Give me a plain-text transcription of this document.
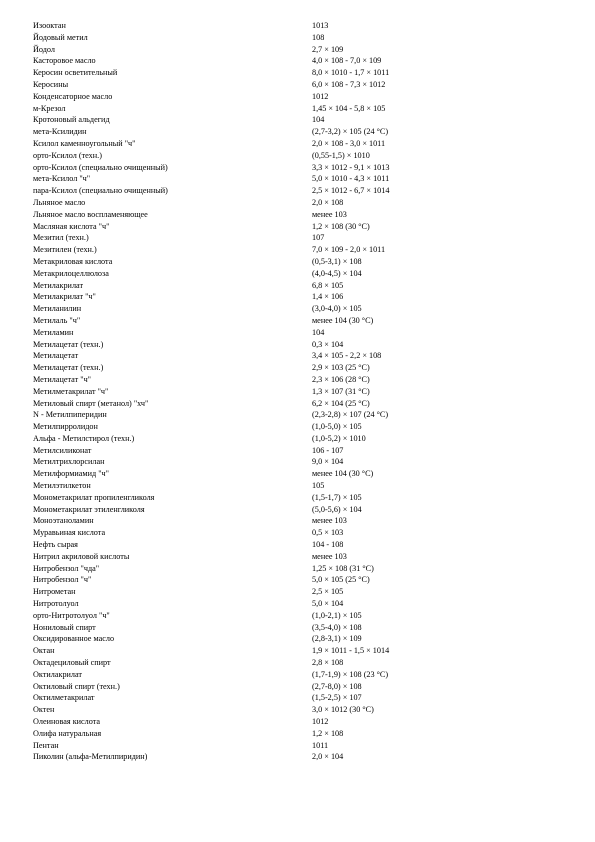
Изооктан	1013
Йодовый метил	108
Йодол	2,7 × 109
Касторовое масло	4,0 × 108 - 7,0 × 109
Керосин осветительный	8,0 × 1010 - 1,7 × 1011
Керосины	6,0 × 108 - 7,3 × 1012
Конденсаторное масло	1012
м-Крезол	1,45 × 104 - 5,8 × 105
Кротоновый альдегид	104
мета-Ксилидин	(2,7-3,2) × 105 (24 °С)
Ксилол каменноугольный "ч"	2,0 × 108 - 3,0 × 1011
орто-Ксилол (техн.)	(0,55-1,5) × 1010
орто-Ксилол (специально очищенный)	3,3 × 1012 - 9,1 × 1013
мета-Ксилол "ч"	5,0 × 1010 - 4,3 × 1011
пара-Ксилол (специально очищенный)	2,5 × 1012 - 6,7 × 1014
Льняное масло	2,0 × 108
Льняное масло воспламеняющее	менее 103
Масляная кислота "ч"	1,2 × 108 (30 °С)
Мезитил (техн.)	107
Мезитилен (техн.)	7,0 × 109 - 2,0 × 1011
Метакриловая кислота	(0,5-3,1) × 108
Метакрилоцеллюлоза	(4,0-4,5) × 104
Метилакрилат	6,8 × 105
Метилакрилат "ч"	1,4 × 106
Метиланилин	(3,0-4,0) × 105
Метилаль "ч"	менее 104 (30 °С)
Метиламин	104
Метилацетат (техн.)	0,3 × 104
Метилацетат	3,4 × 105 - 2,2 × 108
Метилацетат (техн.)	2,9 × 103 (25 °С)
Метилацетат "ч"	2,3 × 106 (28 °С)
Метилметакрилат "ч"	1,3 × 107 (31 °С)
Метиловый спирт (метанол) "хч"	6,2 × 104 (25 °С)
N - Метилпиперидин	(2,3-2,8) × 107 (24 °С)
Метилпирролидон	(1,0-5,0) × 105
Альфа - Метилстирол (техн.)	(1,0-5,2) × 1010
Метилсиликонат	106 - 107
Метилтрихлорсилан	9,0 × 104
Метилформиамид "ч"	менее 104 (30 °С)
Метилэтилкетон	105
Монометакрилат пропиленгликоля	(1,5-1,7) × 105
Монометакрилат этиленгликоля	(5,0-5,6) × 104
Моноэтаноламин	менее 103
Муравьиная кислота	0,5 × 103
Нефть сырая	104 - 108
Нитрил акриловой кислоты	менее 103
Нитробензол "чда"	1,25 × 108 (31 °С)
Нитробензол "ч"	5,0 × 105 (25 °С)
Нитрометан	2,5 × 105
Нитротолуол	5,0 × 104
орто-Нитротолуол "ч"	(1,0-2,1) × 105
Нониловый спирт	(3,5-4,0) × 108
Оксидированное масло	(2,8-3,1) × 109
Октан	1,9 × 1011 - 1,5 × 1014
Октадециловый спирт	2,8 × 108
Октилакрилат	(1,7-1,9) × 108 (23 °С)
Октиловый спирт (техн.)	(2,7-8,0) × 108
Октилметакрилат	(1,5-2,5) × 107
Октен	3,0 × 1012 (30 °С)
Олеиновая кислота	1012
Олифа натуральная	1,2 × 108
Пентан	1011
Пиколин (альфа-Метилпиридин)	2,0 × 104
